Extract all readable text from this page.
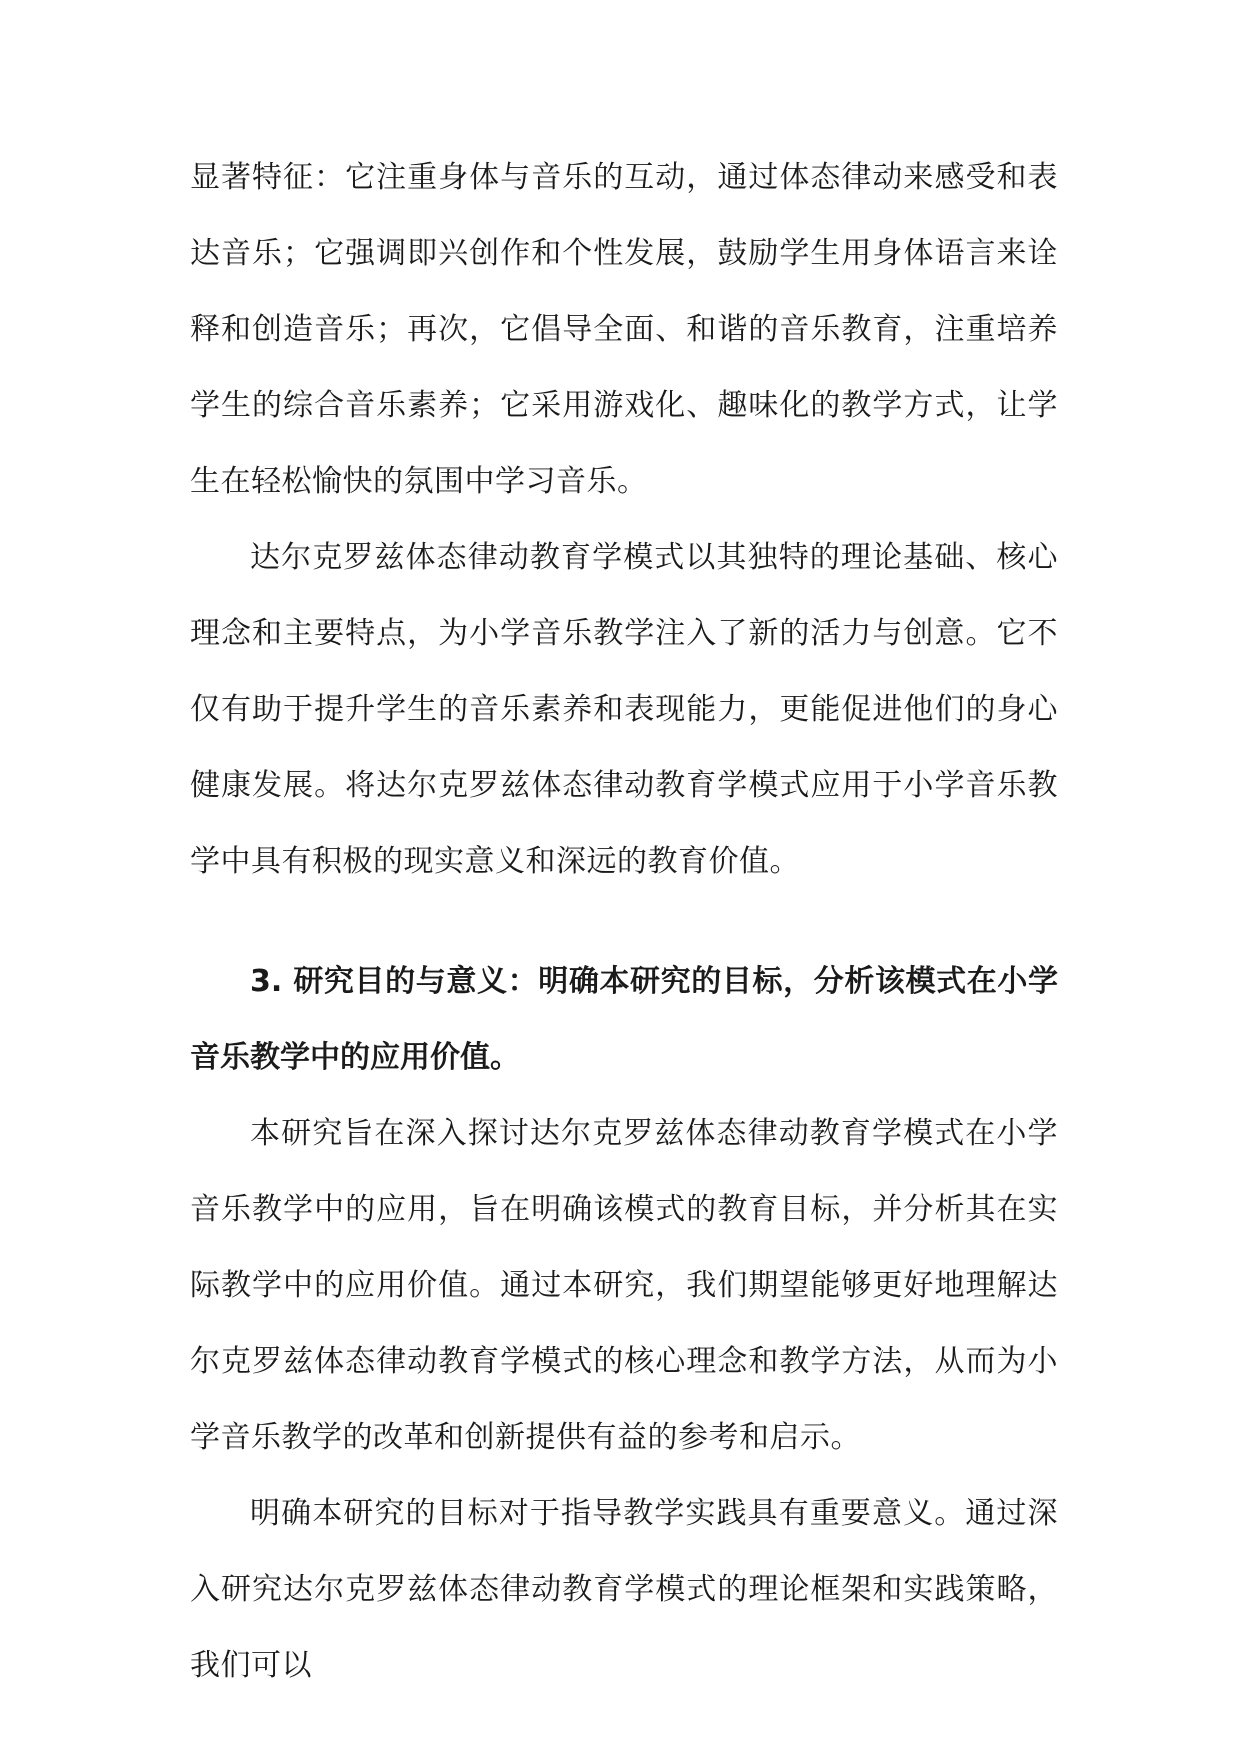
显著特征：它注重身体与音乐的互动，通过体态律动来感受和表达音乐；它强调即兴创作和个性发展，鼓励学生用身体语言来诠释和创造音乐；再次，它倡导全面、和谐的音乐教育，注重培养学生的综合音乐素养；它采用游戏化、趣味化的教学方式，让学生在轻松愉快的氛围中学习音乐。

达尔克罗兹体态律动教育学模式以其独特的理论基础、核心理念和主要特点，为小学音乐教学注入了新的活力与创意。它不仅有助于提升学生的音乐素养和表现能力，更能促进他们的身心健康发展。将达尔克罗兹体态律动教育学模式应用于小学音乐教学中具有积极的现实意义和深远的教育价值。

3. 研究目的与意义：明确本研究的目标，分析该模式在小学音乐教学中的应用价值。

本研究旨在深入探讨达尔克罗兹体态律动教育学模式在小学音乐教学中的应用，旨在明确该模式的教育目标，并分析其在实际教学中的应用价值。通过本研究，我们期望能够更好地理解达尔克罗兹体态律动教育学模式的核心理念和教学方法，从而为小学音乐教学的改革和创新提供有益的参考和启示。

明确本研究的目标对于指导教学实践具有重要意义。通过深入研究达尔克罗兹体态律动教育学模式的理论框架和实践策略，我们可以
